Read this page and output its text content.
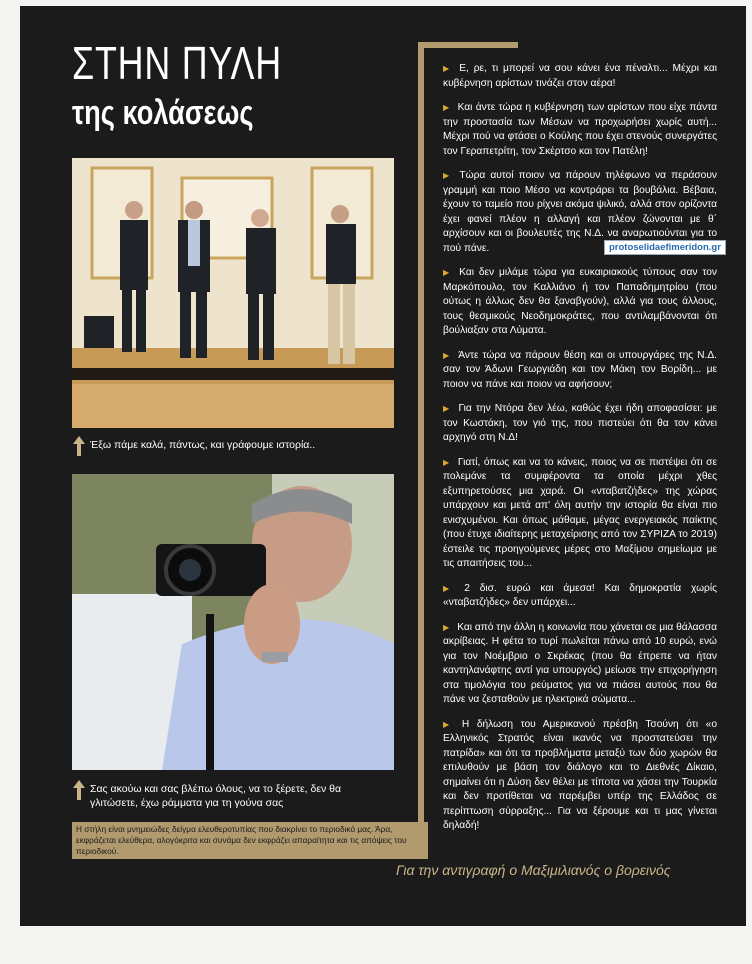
ΣΤΗΝ ΠΥΛΗ
της κολάσεως
Έξω πάμε καλά, πάντως, και γράφουμε ιστορία..
Σας ακούω και σας βλέπω όλους, να το ξέρετε, δεν θα γλιτώσετε, έχω ράμματα για τη γούνα σας
Η στήλη είναι μνημειώδες δείγμα ελευθεροτυπίας που διακρίνει το περιοδικό μας. Άρα, εκφράζεται ελεύθερα, αλογόκριτα και συνάμα δεν εκφράζει απαραίτητα και τις απόψεις του περιοδικού.

▶ Ε, ρε, τι μπορεί να σου κάνει ένα πέναλτι... Μέχρι και κυβέρνηση αρίστων τινάζει στον αέρα!

▶ Και άντε τώρα η κυβέρνηση των αρίστων που είχε πάντα την προστασία των Μέσων να προχωρήσει χωρίς αυτή... Μέχρι πού να φτάσει ο Κούλης που έχει στενούς συνεργάτες τον Γεραπετρίτη, τον Σκέρτσο και τον Πατέλη!

▶ Τώρα αυτοί ποιον να πάρουν τηλέφωνο να περάσουν γραμμή και ποιο Μέσο να κοντράρει τα βουβάλια. Βέβαια, έχουν το ταμείο που ρίχνει ακόμα ψιλικό, αλλά στον ορίζοντα έχει φανεί πλέον η αλλαγή και πλέον ζώνονται με θ΄ αρχίσουν και οι βουλευτές της Ν.Δ. να αναρωτιούνται για το πού πάνε.

▶ Και δεν μιλάμε τώρα για ευκαιριακούς τύπους σαν τον Μαρκόπουλο, τον Καλλιάνο ή τον Παπαδημητρίου (που ούτως η άλλως δεν θα ξαναβγούν), αλλά για τους άλλους, τους θεσμικούς Νεοδημοκράτες, που αντιλαμβάνονται ότι βούλιαξαν στα Λύματα.

▶ Άντε τώρα να πάρουν θέση και οι υπουργάρες της Ν.Δ. σαν τον Άδωνι Γεωργιάδη και τον Μάκη τον Βορίδη... με ποιον να πάνε και ποιον να αφήσουν;

▶ Για την Ντόρα δεν λέω, καθώς έχει ήδη αποφασίσει: με τον Κωστάκη, τον γιό της, που πιστεύει ότι θα τον κάνει αρχηγό στη Ν.Δ!

▶ Γιατί, όπως και να το κάνεις, ποιος να σε πιστέψει ότι σε πολεμάνε τα συμφέροντα τα οποία μέχρι χθες εξυπηρετούσες μια χαρά. Οι «νταβατζήδες» της χώρας υπάρχουν και μετά απ' όλη αυτήν την ιστορία θα είναι πιο ενισχυμένοι. Και όπως μάθαμε, μέγας ενεργειακός παίκτης (που έτυχε ιδιαίτερης μεταχείρισης από τον ΣΥΡΙΖΑ το 2019) έστειλε τις προηγούμενες μέρες στο Μαξίμου σημείωμα με τις απαιτήσεις του...

▶ 2 δισ. ευρώ και άμεσα! Και δημοκρατία χωρίς «νταβατζήδες» δεν υπάρχει...

▶ Και από την άλλη η κοινωνία που χάνεται σε μια θάλασσα ακρίβειας. Η φέτα το τυρί πωλείται πάνω από 10 ευρώ, ενώ για τον Νοέμβριο ο Σκρέκας (που θα έπρεπε να ήταν καντηλανάφτης αντί για υπουργός) μείωσε την επιχορήγηση στα τιμολόγια του ρεύματος για να πιάσει αυτούς που θα πάνε να ζεσταθούν με ηλεκτρικά σώματα...

▶ Η δήλωση του Αμερικανού πρέσβη Τσούνη ότι «ο Ελληνικός Στρατός είναι ικανός να προστατεύσει την πατρίδα» και ότι τα προβλήματα μεταξύ των δύο χωρών θα επιλυθούν με βάση τον διάλογο και το Διεθνές Δίκαιο, σημαίνει ότι η Δύση δεν θέλει με τίποτα να χάσει την Τουρκία και δεν προτίθεται να παρέμβει υπέρ της Ελλάδος σε περίπτωση σύρραξης... Για να ξέρουμε και τι μας γίνεται δηλαδή!

protoselidaefimeridon.gr
Για την αντιγραφή ο Μαξιμιλιανός ο βορεινός
